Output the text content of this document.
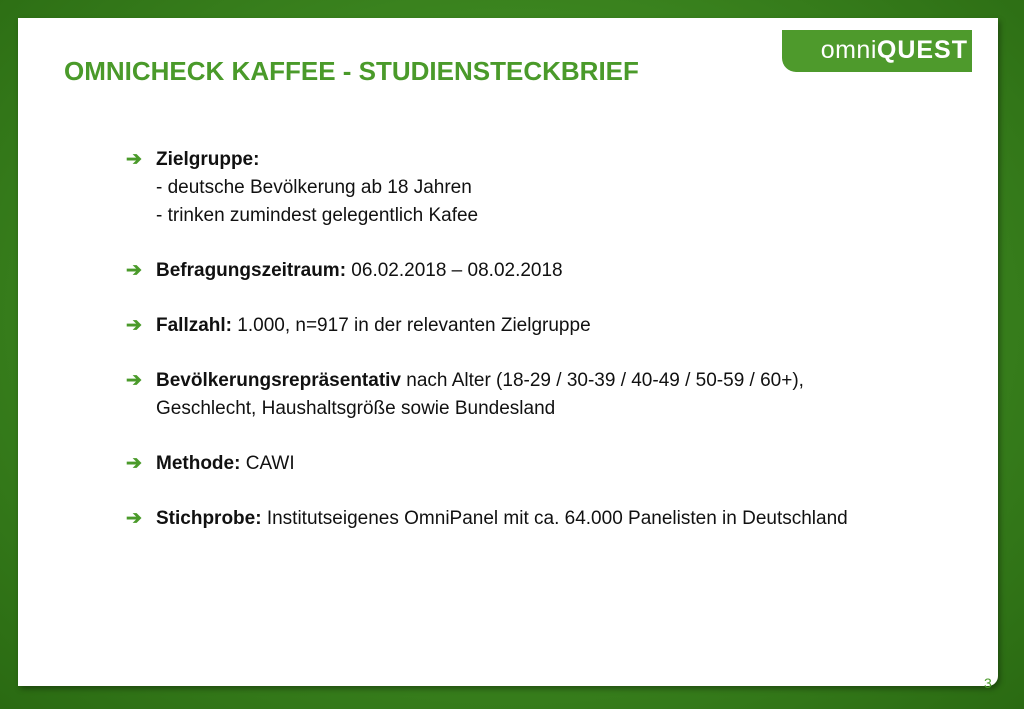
omniQUEST
OMNICHECK KAFFEE - STUDIENSTECKBRIEF
➔ Zielgruppe:
- deutsche Bevölkerung ab 18 Jahren
- trinken zumindest gelegentlich Kafee
➔ Befragungszeitraum: 06.02.2018 – 08.02.2018
➔ Fallzahl: 1.000, n=917 in der relevanten Zielgruppe
➔ Bevölkerungsrepräsentativ nach Alter (18-29 / 30-39 / 40-49 / 50-59 / 60+),
Geschlecht, Haushaltsgröße sowie Bundesland
➔ Methode: CAWI
➔ Stichprobe: Institutseigenes OmniPanel mit ca. 64.000 Panelisten in Deutschland
3
